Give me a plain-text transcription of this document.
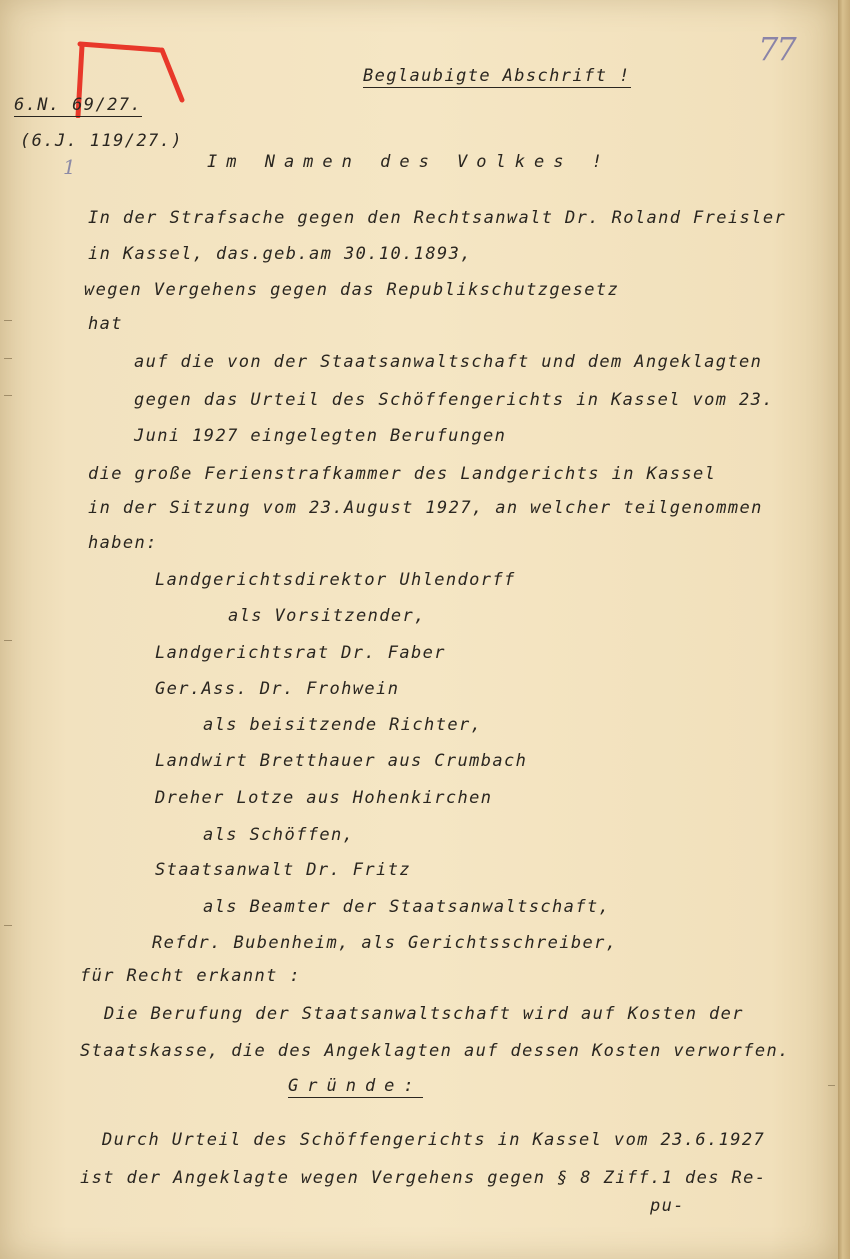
77
1
Beglaubigte Abschrift !
6.N. 69/27.
(6.J. 119/27.)
Im Namen des Volkes !
In der Strafsache gegen den Rechtsanwalt Dr. Roland Freisler
in Kassel, das.geb.am 30.10.1893,
wegen Vergehens gegen das Republikschutzgesetz
hat
auf die von der Staatsanwaltschaft und dem Angeklagten
gegen das Urteil des Schöffengerichts in Kassel vom 23.
Juni 1927 eingelegten Berufungen
die große Ferienstrafkammer des Landgerichts in Kassel
in der Sitzung vom 23.August 1927, an welcher teilgenommen
haben:
Landgerichtsdirektor Uhlendorff
als Vorsitzender,
Landgerichtsrat Dr. Faber
Ger.Ass. Dr. Frohwein
als beisitzende Richter,
Landwirt Bretthauer aus Crumbach
Dreher Lotze aus Hohenkirchen
als Schöffen,
Staatsanwalt Dr. Fritz
als Beamter der Staatsanwaltschaft,
Refdr. Bubenheim, als Gerichtsschreiber,
für Recht erkannt :
Die Berufung der Staatsanwaltschaft wird auf Kosten der
Staatskasse, die des Angeklagten auf dessen Kosten verworfen.
Gründe:
Durch Urteil des Schöffengerichts in Kassel vom 23.6.1927
ist der Angeklagte wegen Vergehens gegen § 8 Ziff.1 des Re-
pu-
